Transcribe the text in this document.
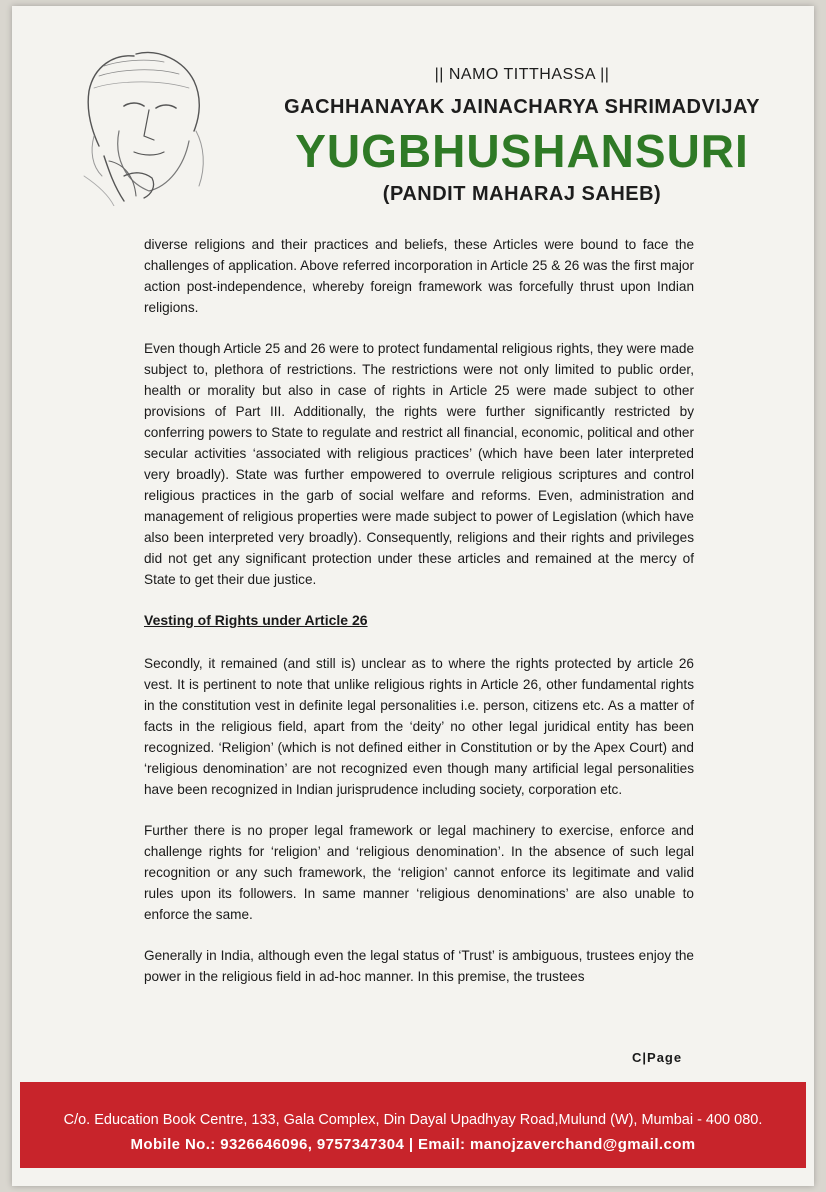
|| NAMO TITTHASSA ||
GACHHANAYAK JAINACHARYA SHRIMADVIJAY
YUGBHUSHANSURI
(PANDIT MAHARAJ SAHEB)

diverse religions and their practices and beliefs, these Articles were bound to face the challenges of application. Above referred incorporation in Article 25 & 26 was the first major action post-independence, whereby foreign framework was forcefully thrust upon Indian religions.

Even though Article 25 and 26 were to protect fundamental religious rights, they were made subject to, plethora of restrictions. The restrictions were not only limited to public order, health or morality but also in case of rights in Article 25 were made subject to other provisions of Part III. Additionally, the rights were further significantly restricted by conferring powers to State to regulate and restrict all financial, economic, political and other secular activities ‘associated with religious practices’ (which have been later interpreted very broadly). State was further empowered to overrule religious scriptures and control religious practices in the garb of social welfare and reforms. Even, administration and management of religious properties were made subject to power of Legislation (which have also been interpreted very broadly). Consequently, religions and their rights and privileges did not get any significant protection under these articles and remained at the mercy of State to get their due justice.

Vesting of Rights under Article 26

Secondly, it remained (and still is) unclear as to where the rights protected by article 26 vest. It is pertinent to note that unlike religious rights in Article 26, other fundamental rights in the constitution vest in definite legal personalities i.e. person, citizens etc. As a matter of facts in the religious field, apart from the ‘deity’ no other legal juridical entity has been recognized. ‘Religion’ (which is not defined either in Constitution or by the Apex Court) and ‘religious denomination’ are not recognized even though many artificial legal personalities have been recognized in Indian jurisprudence including society, corporation etc.

Further there is no proper legal framework or legal machinery to exercise, enforce and challenge rights for ‘religion’ and ‘religious denomination’. In the absence of such legal recognition or any such framework, the ‘religion’ cannot enforce its legitimate and valid rules upon its followers. In same manner ‘religious denominations’ are also unable to enforce the same.

Generally in India, although even the legal status of ‘Trust’ is ambiguous, trustees enjoy the power in the religious field in ad-hoc manner. In this premise, the trustees

C|Page
C/o. Education Book Centre, 133, Gala Complex, Din Dayal Upadhyay Road,Mulund (W), Mumbai - 400 080.
Mobile No.: 9326646096, 9757347304 | Email: manojzaverchand@gmail.com
